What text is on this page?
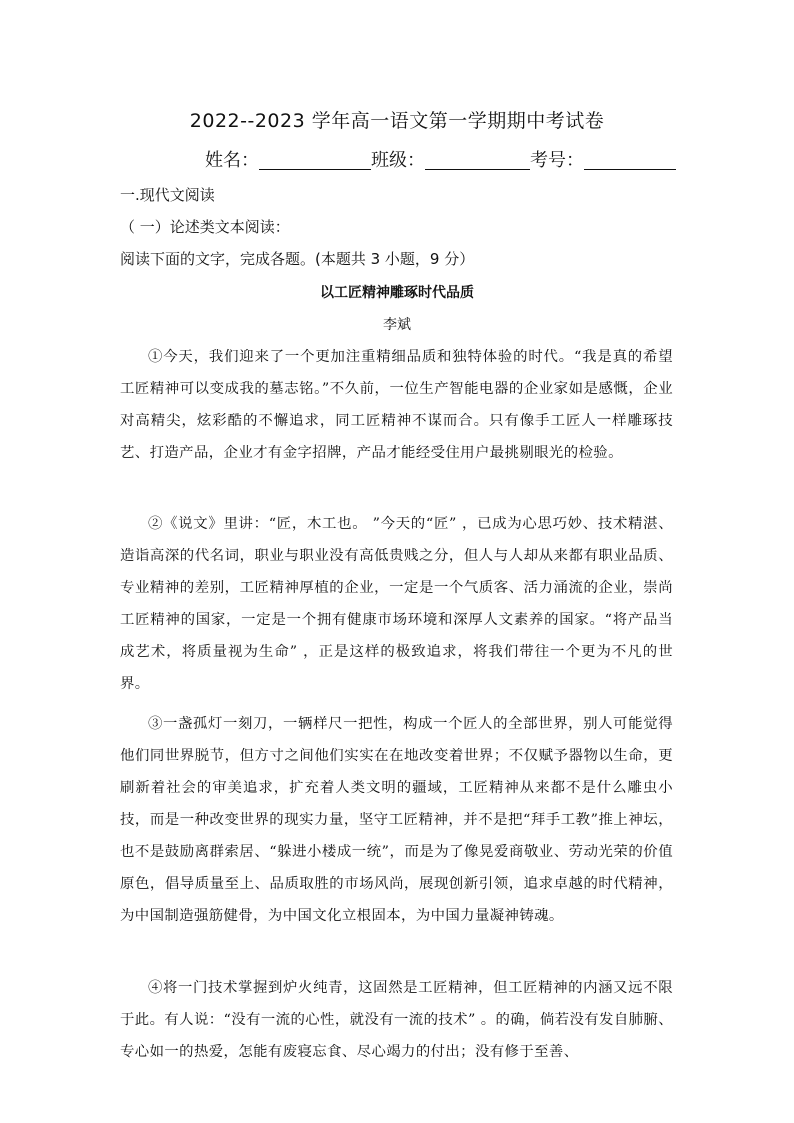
2022--2023 学年高一语文第一学期期中考试卷
姓名：	班级：	考号：
一.现代文阅读
（ 一）论述类文本阅读：
阅读下面的文字，完成各题。(本题共 3 小题，9 分）
以工匠精神雕琢时代品质
李斌

①今天，我们迎来了一个更加注重精细品质和独特体验的时代。“我是真的希望工匠精神可以变成我的墓志铭。”不久前，一位生产智能电器的企业家如是感慨，企业对高精尖，炫彩酷的不懈追求，同工匠精神不谋而合。只有像手工匠人一样雕琢技艺、打造产品，企业才有金字招牌，产品才能经受住用户最挑剔眼光的检验。

②《说文》里讲：“匠，木工也。 ”今天的“匠” ，已成为心思巧妙、技术精湛、造诣高深的代名词，职业与职业没有高低贵贱之分，但人与人却从来都有职业品质、专业精神的差别，工匠精神厚植的企业，一定是一个气质客、活力涌流的企业，崇尚工匠精神的国家，一定是一个拥有健康市场环境和深厚人文素养的国家。“将产品当成艺术，将质量视为生命” ，正是这样的极致追求，将我们带往一个更为不凡的世界。

③一盏孤灯一刻刀，一辆样尺一把性，构成一个匠人的全部世界，别人可能觉得他们同世界脱节，但方寸之间他们实实在在地改变着世界；不仅赋予器物以生命，更刷新着社会的审美追求，扩充着人类文明的疆域，工匠精神从来都不是什么雕虫小技，而是一种改变世界的现实力量，坚守工匠精神，并不是把“拜手工教”推上神坛，也不是鼓励离群索居、“躲进小楼成一统”，而是为了像晃爱商敬业、劳动光荣的价值原色，倡导质量至上、品质取胜的市场风尚，展现创新引领，追求卓越的时代精神，为中国制造强筋健骨，为中国文化立根固本，为中国力量凝神铸魂。

④将一门技术掌握到炉火纯青，这固然是工匠精神，但工匠精神的内涵又远不限于此。有人说：“没有一流的心性，就没有一流的技术” 。的确，倘若没有发自肺腑、专心如一的热爱，怎能有废寝忘食、尽心竭力的付出；没有修于至善、
